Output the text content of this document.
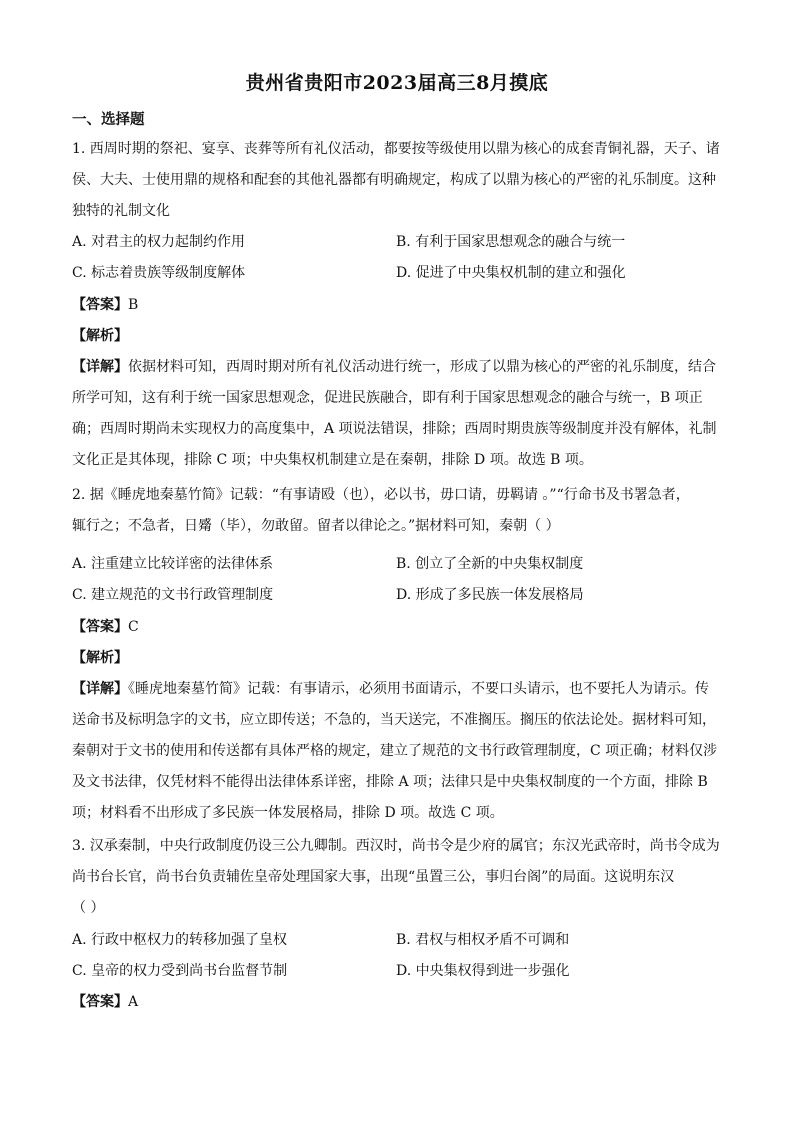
贵州省贵阳市2023届高三8月摸底
一、选择题
1. 西周时期的祭祀、宴享、丧葬等所有礼仪活动，都要按等级使用以鼎为核心的成套青铜礼器，天子、诸
侯、大夫、士使用鼎的规格和配套的其他礼器都有明确规定，构成了以鼎为核心的严密的礼乐制度。这种
独特的礼制文化
A. 对君主的权力起制约作用	B. 有利于国家思想观念的融合与统一
C. 标志着贵族等级制度解体	D. 促进了中央集权机制的建立和强化
【答案】B
【解析】
【详解】依据材料可知，西周时期对所有礼仪活动进行统一，形成了以鼎为核心的严密的礼乐制度，结合
所学可知，这有利于统一国家思想观念，促进民族融合，即有利于国家思想观念的融合与统一，B 项正
确；西周时期尚未实现权力的高度集中，A 项说法错误，排除；西周时期贵族等级制度并没有解体，礼制
文化正是其体现，排除 C 项；中央集权机制建立是在秦朝，排除 D 项。故选 B 项。
2. 据《睡虎地秦墓竹简》记载：“有事请殴（也），必以书，毋口请，毋羁请 。”“行命书及书署急者，
辄行之；不急者，日觱（毕），勿敢留。留者以律论之。”据材料可知，秦朝（ ）
A. 注重建立比较详密的法律体系	B. 创立了全新的中央集权制度
C. 建立规范的文书行政管理制度	D. 形成了多民族一体发展格局
【答案】C
【解析】
【详解】《睡虎地秦墓竹简》记载：有事请示，必须用书面请示，不要口头请示，也不要托人为请示。传
送命书及标明急字的文书，应立即传送；不急的，当天送完，不准搁压。搁压的依法论处。据材料可知，
秦朝对于文书的使用和传送都有具体严格的规定，建立了规范的文书行政管理制度，C 项正确；材料仅涉
及文书法律，仅凭材料不能得出法律体系详密，排除 A 项；法律只是中央集权制度的一个方面，排除 B
项；材料看不出形成了多民族一体发展格局，排除 D 项。故选 C 项。
3. 汉承秦制，中央行政制度仍设三公九卿制。西汉时，尚书令是少府的属官；东汉光武帝时，尚书令成为
尚书台长官，尚书台负责辅佐皇帝处理国家大事，出现“虽置三公，事归台阁”的局面。这说明东汉
（ ）
A. 行政中枢权力的转移加强了皇权	B. 君权与相权矛盾不可调和
C. 皇帝的权力受到尚书台监督节制	D. 中央集权得到进一步强化
【答案】A
